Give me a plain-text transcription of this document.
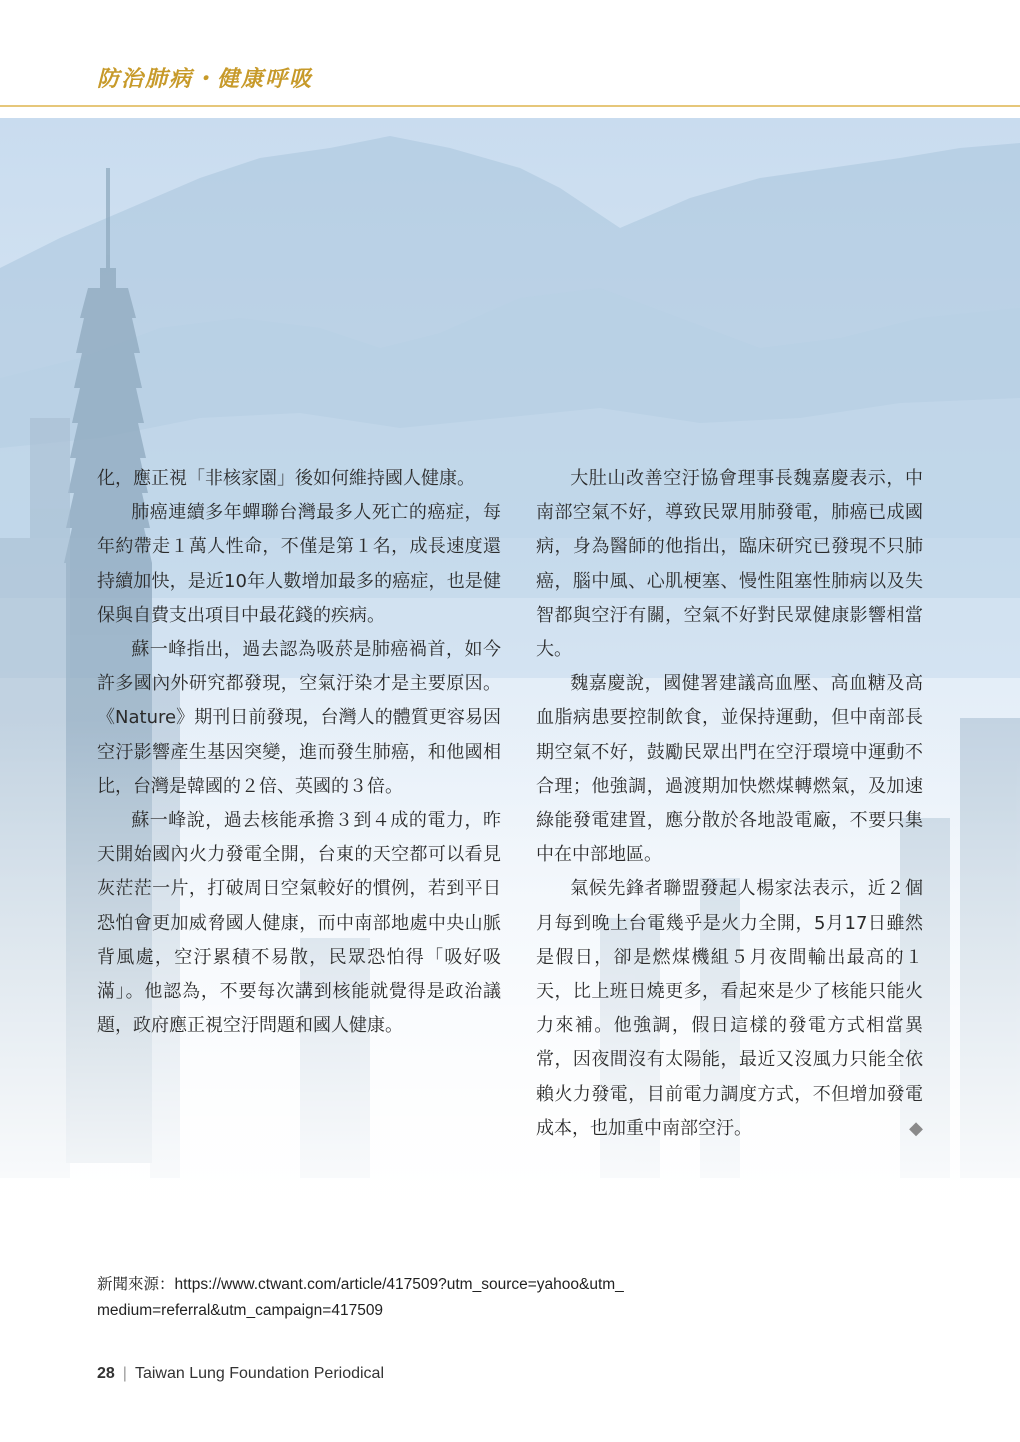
防治肺病・健康呼吸

化，應正視「非核家園」後如何維持國人健康。

肺癌連續多年蟬聯台灣最多人死亡的癌症，每年約帶走１萬人性命，不僅是第１名，成長速度還持續加快，是近10年人數增加最多的癌症，也是健保與自費支出項目中最花錢的疾病。

蘇一峰指出，過去認為吸菸是肺癌禍首，如今許多國內外研究都發現，空氣汙染才是主要原因。《Nature》期刊日前發現，台灣人的體質更容易因空汙影響產生基因突變，進而發生肺癌，和他國相比，台灣是韓國的２倍、英國的３倍。

蘇一峰說，過去核能承擔３到４成的電力，昨天開始國內火力發電全開，台東的天空都可以看見灰茫茫一片，打破周日空氣較好的慣例，若到平日恐怕會更加威脅國人健康，而中南部地處中央山脈背風處，空汙累積不易散，民眾恐怕得「吸好吸滿」。他認為，不要每次講到核能就覺得是政治議題，政府應正視空汙問題和國人健康。

大肚山改善空汙協會理事長魏嘉慶表示，中南部空氣不好，導致民眾用肺發電，肺癌已成國病，身為醫師的他指出，臨床研究已發現不只肺癌，腦中風、心肌梗塞、慢性阻塞性肺病以及失智都與空汙有關，空氣不好對民眾健康影響相當大。

魏嘉慶說，國健署建議高血壓、高血糖及高血脂病患要控制飲食，並保持運動，但中南部長期空氣不好，鼓勵民眾出門在空汙環境中運動不合理；他強調，過渡期加快燃煤轉燃氣，及加速綠能發電建置，應分散於各地設電廠，不要只集中在中部地區。

氣候先鋒者聯盟發起人楊家法表示，近２個月每到晚上台電幾乎是火力全開，5月17日雖然是假日，卻是燃煤機組５月夜間輸出最高的１天，比上班日燒更多，看起來是少了核能只能火力來補。他強調，假日這樣的發電方式相當異常，因夜間沒有太陽能，最近又沒風力只能全依賴火力發電，目前電力調度方式，不但增加發電成本，也加重中南部空汙。	◆

新聞來源：https://www.ctwant.com/article/417509?utm_source=yahoo&utm_
medium=referral&utm_campaign=417509
28 | Taiwan Lung Foundation Periodical
